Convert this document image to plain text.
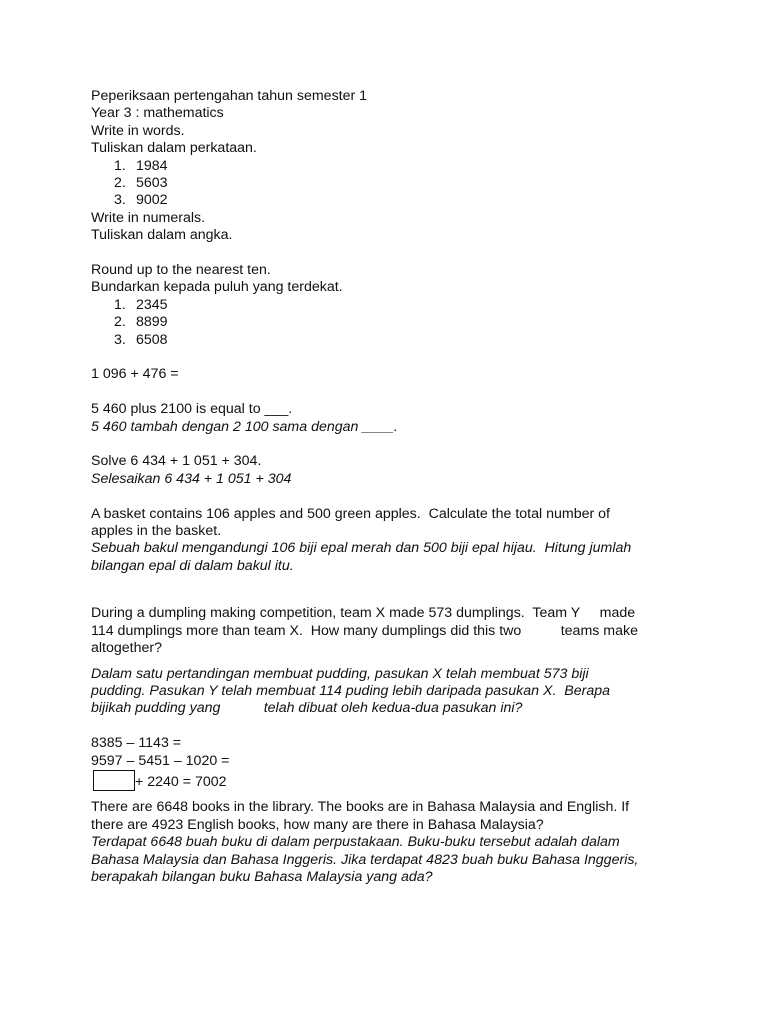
Peperiksaan pertengahan tahun semester 1
Year 3 : mathematics
Write in words.
Tuliskan dalam perkataan.
1. 1984
2. 5603
3. 9002
Write in numerals.
Tuliskan dalam angka.
Round up to the nearest ten.
Bundarkan kepada puluh yang terdekat.
1. 2345
2. 8899
3. 6508
1 096 + 476 =
5 460 plus 2100 is equal to ___.
5 460 tambah dengan 2 100 sama dengan ____.
Solve 6 434 + 1 051 + 304.
Selesaikan 6 434 + 1 051 + 304
A basket contains 106 apples and 500 green apples.  Calculate the total number of
apples in the basket.
Sebuah bakul mengandungi 106 biji epal merah dan 500 biji epal hijau.  Hitung jumlah
bilangan epal di dalam bakul itu.
During a dumpling making competition, team X made 573 dumplings.  Team Y     made
114 dumplings more than team X.  How many dumplings did this two          teams make
altogether?
Dalam satu pertandingan membuat pudding, pasukan X telah membuat 573 biji
pudding. Pasukan Y telah membuat 114 puding lebih daripada pasukan X.  Berapa
bijikah pudding yang           telah dibuat oleh kedua-dua pasukan ini?
8385 – 1143 =
9597 – 5451 – 1020 =
+ 2240 = 7002
There are 6648 books in the library. The books are in Bahasa Malaysia and English. If
there are 4923 English books, how many are there in Bahasa Malaysia?
Terdapat 6648 buah buku di dalam perpustakaan. Buku-buku tersebut adalah dalam
Bahasa Malaysia dan Bahasa Inggeris. Jika terdapat 4823 buah buku Bahasa Inggeris,
berapakah bilangan buku Bahasa Malaysia yang ada?
